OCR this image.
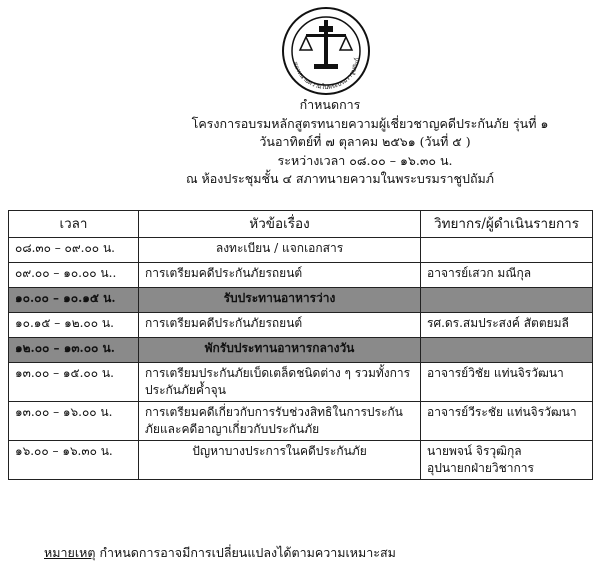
สภาทนายความในพระบรมราชูปถัมภ์
กำหนดการ
โครงการอบรมหลักสูตรทนายความผู้เชี่ยวชาญคดีประกันภัย รุ่นที่ ๑
วันอาทิตย์ที่ ๗ ตุลาคม ๒๕๖๑ (วันที่ ๕ )
ระหว่างเวลา ๐๘.๐๐ – ๑๖.๓๐ น.
ณ ห้องประชุมชั้น ๔ สภาทนายความในพระบรมราชูปถัมภ์
เวลา	หัวข้อเรื่อง	วิทยากร/ผู้ดำเนินรายการ
๐๘.๓๐ – ๐๙.๐๐ น.	ลงทะเบียน / แจกเอกสาร	
๐๙.๐๐ – ๑๐.๐๐ น..	การเตรียมคดีประกันภัยรถยนต์	อาจารย์เสวก มณีกุล
๑๐.๐๐ – ๑๐.๑๕ น.	รับประทานอาหารว่าง	
๑๐.๑๕ – ๑๒.๐๐ น.	การเตรียมคดีประกันภัยรถยนต์	รศ.ดร.สมประสงค์ สัตตยมลี
๑๒.๐๐ – ๑๓.๐๐ น.	พักรับประทานอาหารกลางวัน	
๑๓.๐๐ – ๑๕.๐๐ น.	การเตรียมประกันภัยเบ็ดเตล็ดชนิดต่าง ๆ รวมทั้งการประกันภัยค้ำจุน	อาจารย์วิชัย แท่นจิรวัฒนา
๑๓.๐๐ – ๑๖.๐๐ น.	การเตรียมคดีเกี่ยวกับการรับช่วงสิทธิในการประกันภัยและคดีอาญาเกี่ยวกับประกันภัย	อาจารย์วีระชัย แท่นจิรวัฒนา
๑๖.๐๐ – ๑๖.๓๐ น.	ปัญหาบางประการในคดีประกันภัย	นายพจน์ จิรวุฒิกุล
อุปนายกฝ่ายวิชาการ
หมายเหตุ กำหนดการอาจมีการเปลี่ยนแปลงได้ตามความเหมาะสม
